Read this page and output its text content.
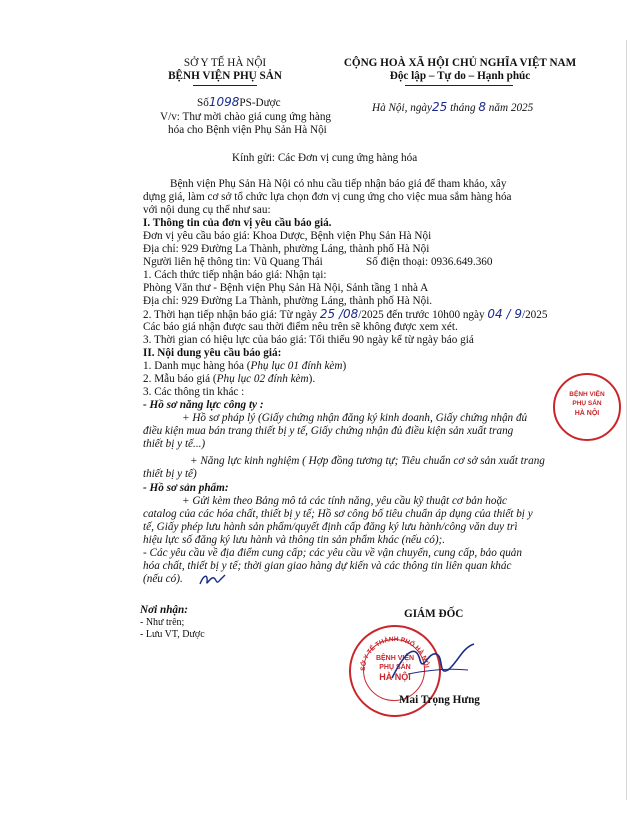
SỞ Y TẾ HÀ NỘI
BỆNH VIỆN PHỤ SẢN
CỘNG HOÀ XÃ HỘI CHỦ NGHĨA VIỆT NAM
Độc lập – Tự do – Hạnh phúc
Số1098PS-Dược
V/v: Thư mời chào giá cung ứng hàng
hóa cho Bệnh viện Phụ Sản Hà Nội
Hà Nội, ngày25 tháng 8 năm 2025
Kính gửi: Các Đơn vị cung ứng hàng hóa
Bệnh viện Phụ Sản Hà Nội có nhu cầu tiếp nhận báo giá để tham khảo, xây
dựng giá, làm cơ sở tổ chức lựa chọn đơn vị cung ứng cho việc mua sắm hàng hóa
với nội dung cụ thể như sau:
I. Thông tin của đơn vị yêu cầu báo giá.
Đơn vị yêu cầu báo giá: Khoa Dược, Bệnh viện Phụ Sản Hà Nội
Địa chỉ: 929 Đường La Thành, phường Láng, thành phố Hà Nội
Người liên hệ thông tin: Vũ Quang Thái	Số điện thoại: 0936.649.360
1. Cách thức tiếp nhận báo giá: Nhận tại:
Phòng Văn thư - Bệnh viện Phụ Sản Hà Nội, Sảnh tầng 1 nhà A
Địa chỉ: 929 Đường La Thành, phường Láng, thành phố Hà Nội.
2. Thời hạn tiếp nhận báo giá: Từ ngày 25 /08/2025 đến trước 10h00 ngày 04 / 9/2025
Các báo giá nhận được sau thời điểm nêu trên sẽ không được xem xét.
3. Thời gian có hiệu lực của báo giá: Tối thiểu 90 ngày kể từ ngày báo giá
II. Nội dung yêu cầu báo giá:
1. Danh mục hàng hóa (Phụ lục 01 đính kèm)
2. Mẫu báo giá (Phụ lục 02 đính kèm).
3. Các thông tin khác :
- Hồ sơ năng lực công ty :
+ Hồ sơ pháp lý (Giấy chứng nhận đăng ký kinh doanh, Giấy chứng nhận đủ
điều kiện mua bán trang thiết bị y tế, Giấy chứng nhận đủ điều kiện sản xuất trang
thiết bị y tế...)
+ Năng lực kinh nghiệm ( Hợp đồng tương tự; Tiêu chuẩn cơ sở sản xuất trang
thiết bị y tế)
- Hồ sơ sản phẩm:
+ Gửi kèm theo Bảng mô tả các tính năng, yêu cầu kỹ thuật cơ bản hoặc
catalog của các hóa chất, thiết bị y tế; Hồ sơ công bố tiêu chuẩn áp dụng của thiết bị y
tế, Giấy phép lưu hành sản phẩm/quyết định cấp đăng ký lưu hành/công văn duy trì
hiệu lực số đăng ký lưu hành và thông tin sản phẩm khác (nếu có);.
- Các yêu cầu về địa điểm cung cấp; các yêu cầu về vận chuyển, cung cấp, bảo quản
hóa chất, thiết bị y tế; thời gian giao hàng dự kiến và các thông tin liên quan khác
(nếu có).
Nơi nhận:
- Như trên;
- Lưu VT, Dược
GIÁM ĐỐC
BỆNH VIỆN
PHỤ SẢN
HÀ NỘI
SỞ Y TẾ THÀNH PHỐ HÀ NỘI
Mai Trọng Hưng
BỆNH VIỆN
PHỤ SẢN
HÀ NỘI
